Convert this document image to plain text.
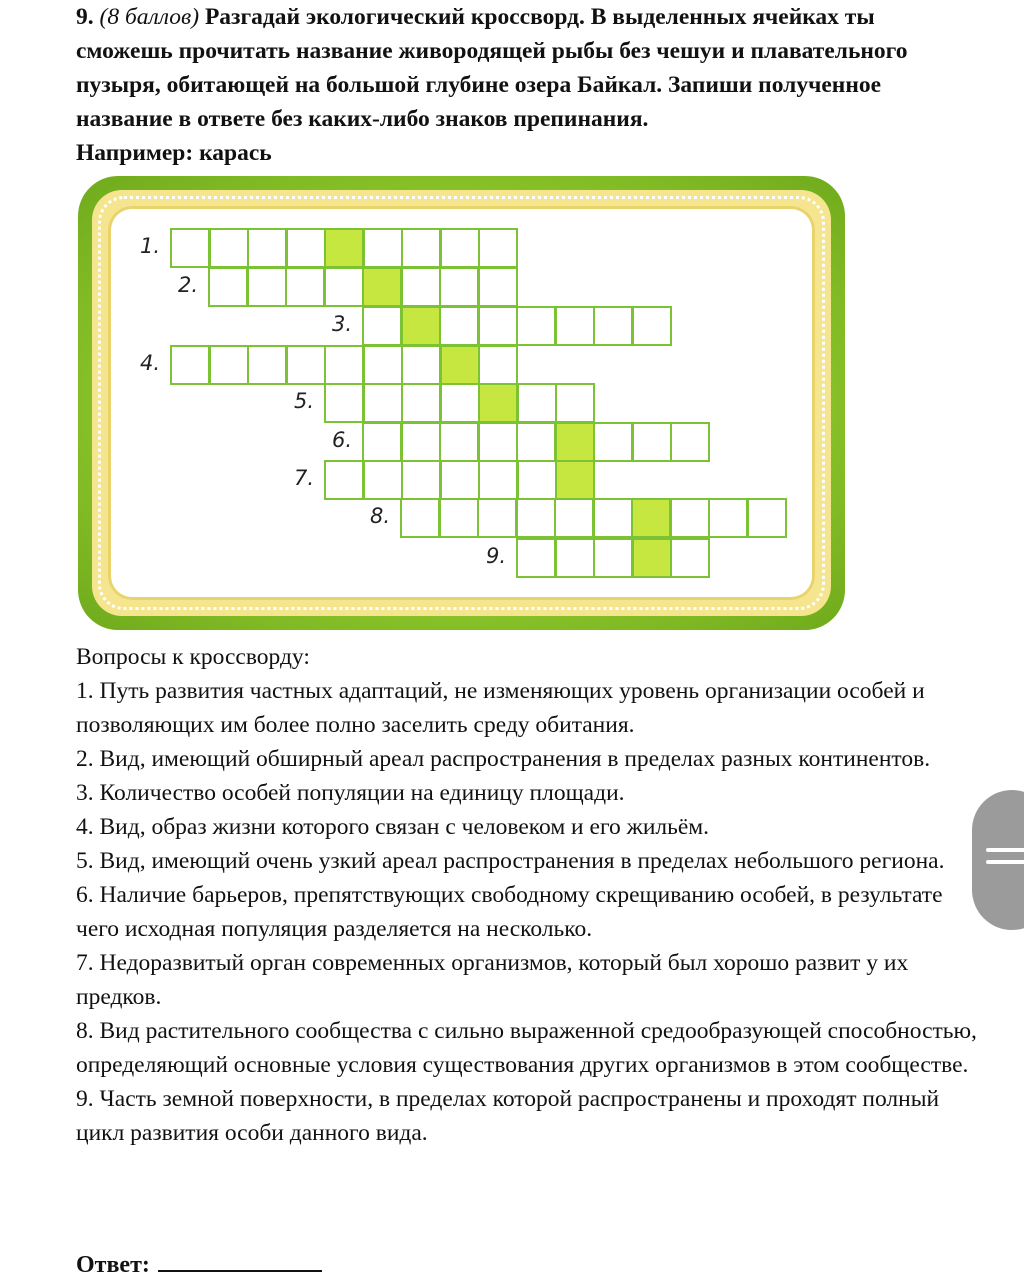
9. (8 баллов) Разгадай экологический кроссворд. В выделенных ячейках ты сможешь прочитать название живородящей рыбы без чешуи и плавательного пузыря, обитающей на большой глубине озера Байкал. Запиши полученное название в ответе без каких-либо знаков препинания.
Например: карась
1.
2.
3.
4.
5.
6.
7.
8.
9.

Вопросы к кроссворду:

1. Путь развития частных адаптаций, не изменяющих уровень организации особей и позволяющих им более полно заселить среду обитания.

2. Вид, имеющий обширный ареал распространения в пределах разных континентов.

3. Количество особей популяции на единицу площади.

4. Вид, образ жизни которого связан с человеком и его жильём.

5. Вид, имеющий очень узкий ареал распространения в пределах небольшого региона.

6. Наличие барьеров, препятствующих свободному скрещиванию особей, в результате чего исходная популяция разделяется на несколько.

7. Недоразвитый орган современных организмов, который был хорошо развит у их предков.

8. Вид растительного сообщества с сильно выраженной средообразующей способностью, определяющий основные условия существования других организмов в этом сообществе.

9. Часть земной поверхности, в пределах которой распространены и проходят полный цикл развития особи данного вида.

Ответ:
